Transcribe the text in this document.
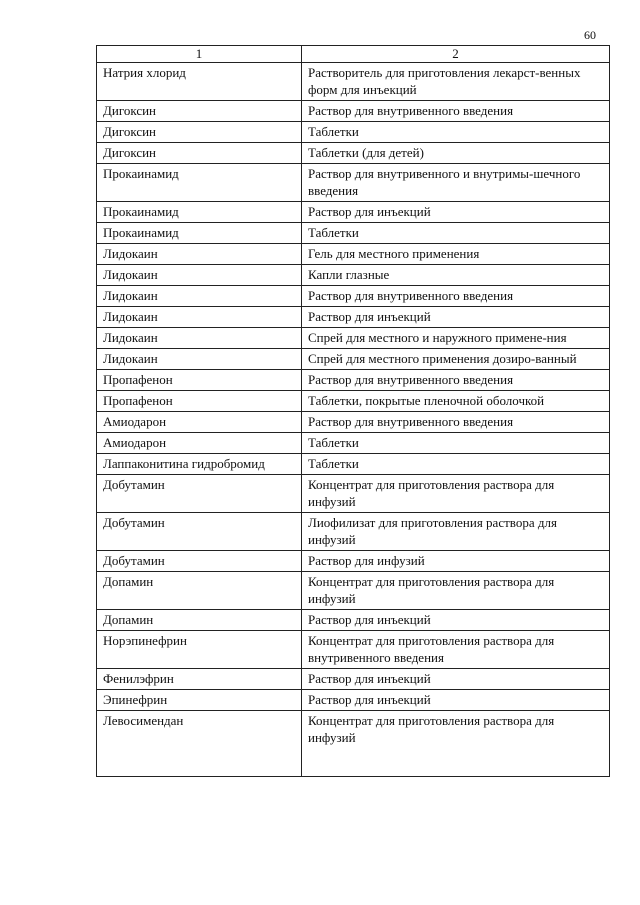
60
1	2
Натрия хлорид	Растворитель для приготовления лекарст-венных форм для инъекций
Дигоксин	Раствор для внутривенного введения
Дигоксин	Таблетки
Дигоксин	Таблетки (для детей)
Прокаинамид	Раствор для внутривенного и внутримы-шечного введения
Прокаинамид	Раствор для инъекций
Прокаинамид	Таблетки
Лидокаин	Гель для местного применения
Лидокаин	Капли глазные
Лидокаин	Раствор для внутривенного введения
Лидокаин	Раствор для инъекций
Лидокаин	Спрей для местного и наружного примене-ния
Лидокаин	Спрей для местного применения дозиро-ванный
Пропафенон	Раствор для внутривенного введения
Пропафенон	Таблетки, покрытые пленочной оболочкой
Амиодарон	Раствор для внутривенного введения
Амиодарон	Таблетки
Лаппаконитина гидробромид	Таблетки
Добутамин	Концентрат для приготовления раствора для инфузий
Добутамин	Лиофилизат для приготовления раствора для инфузий
Добутамин	Раствор для инфузий
Допамин	Концентрат для приготовления раствора для инфузий
Допамин	Раствор для инъекций
Норэпинефрин	Концентрат для приготовления раствора для внутривенного введения
Фенилэфрин	Раствор для инъекций
Эпинефрин	Раствор для инъекций
Левосимендан	Концентрат для приготовления раствора для инфузий
